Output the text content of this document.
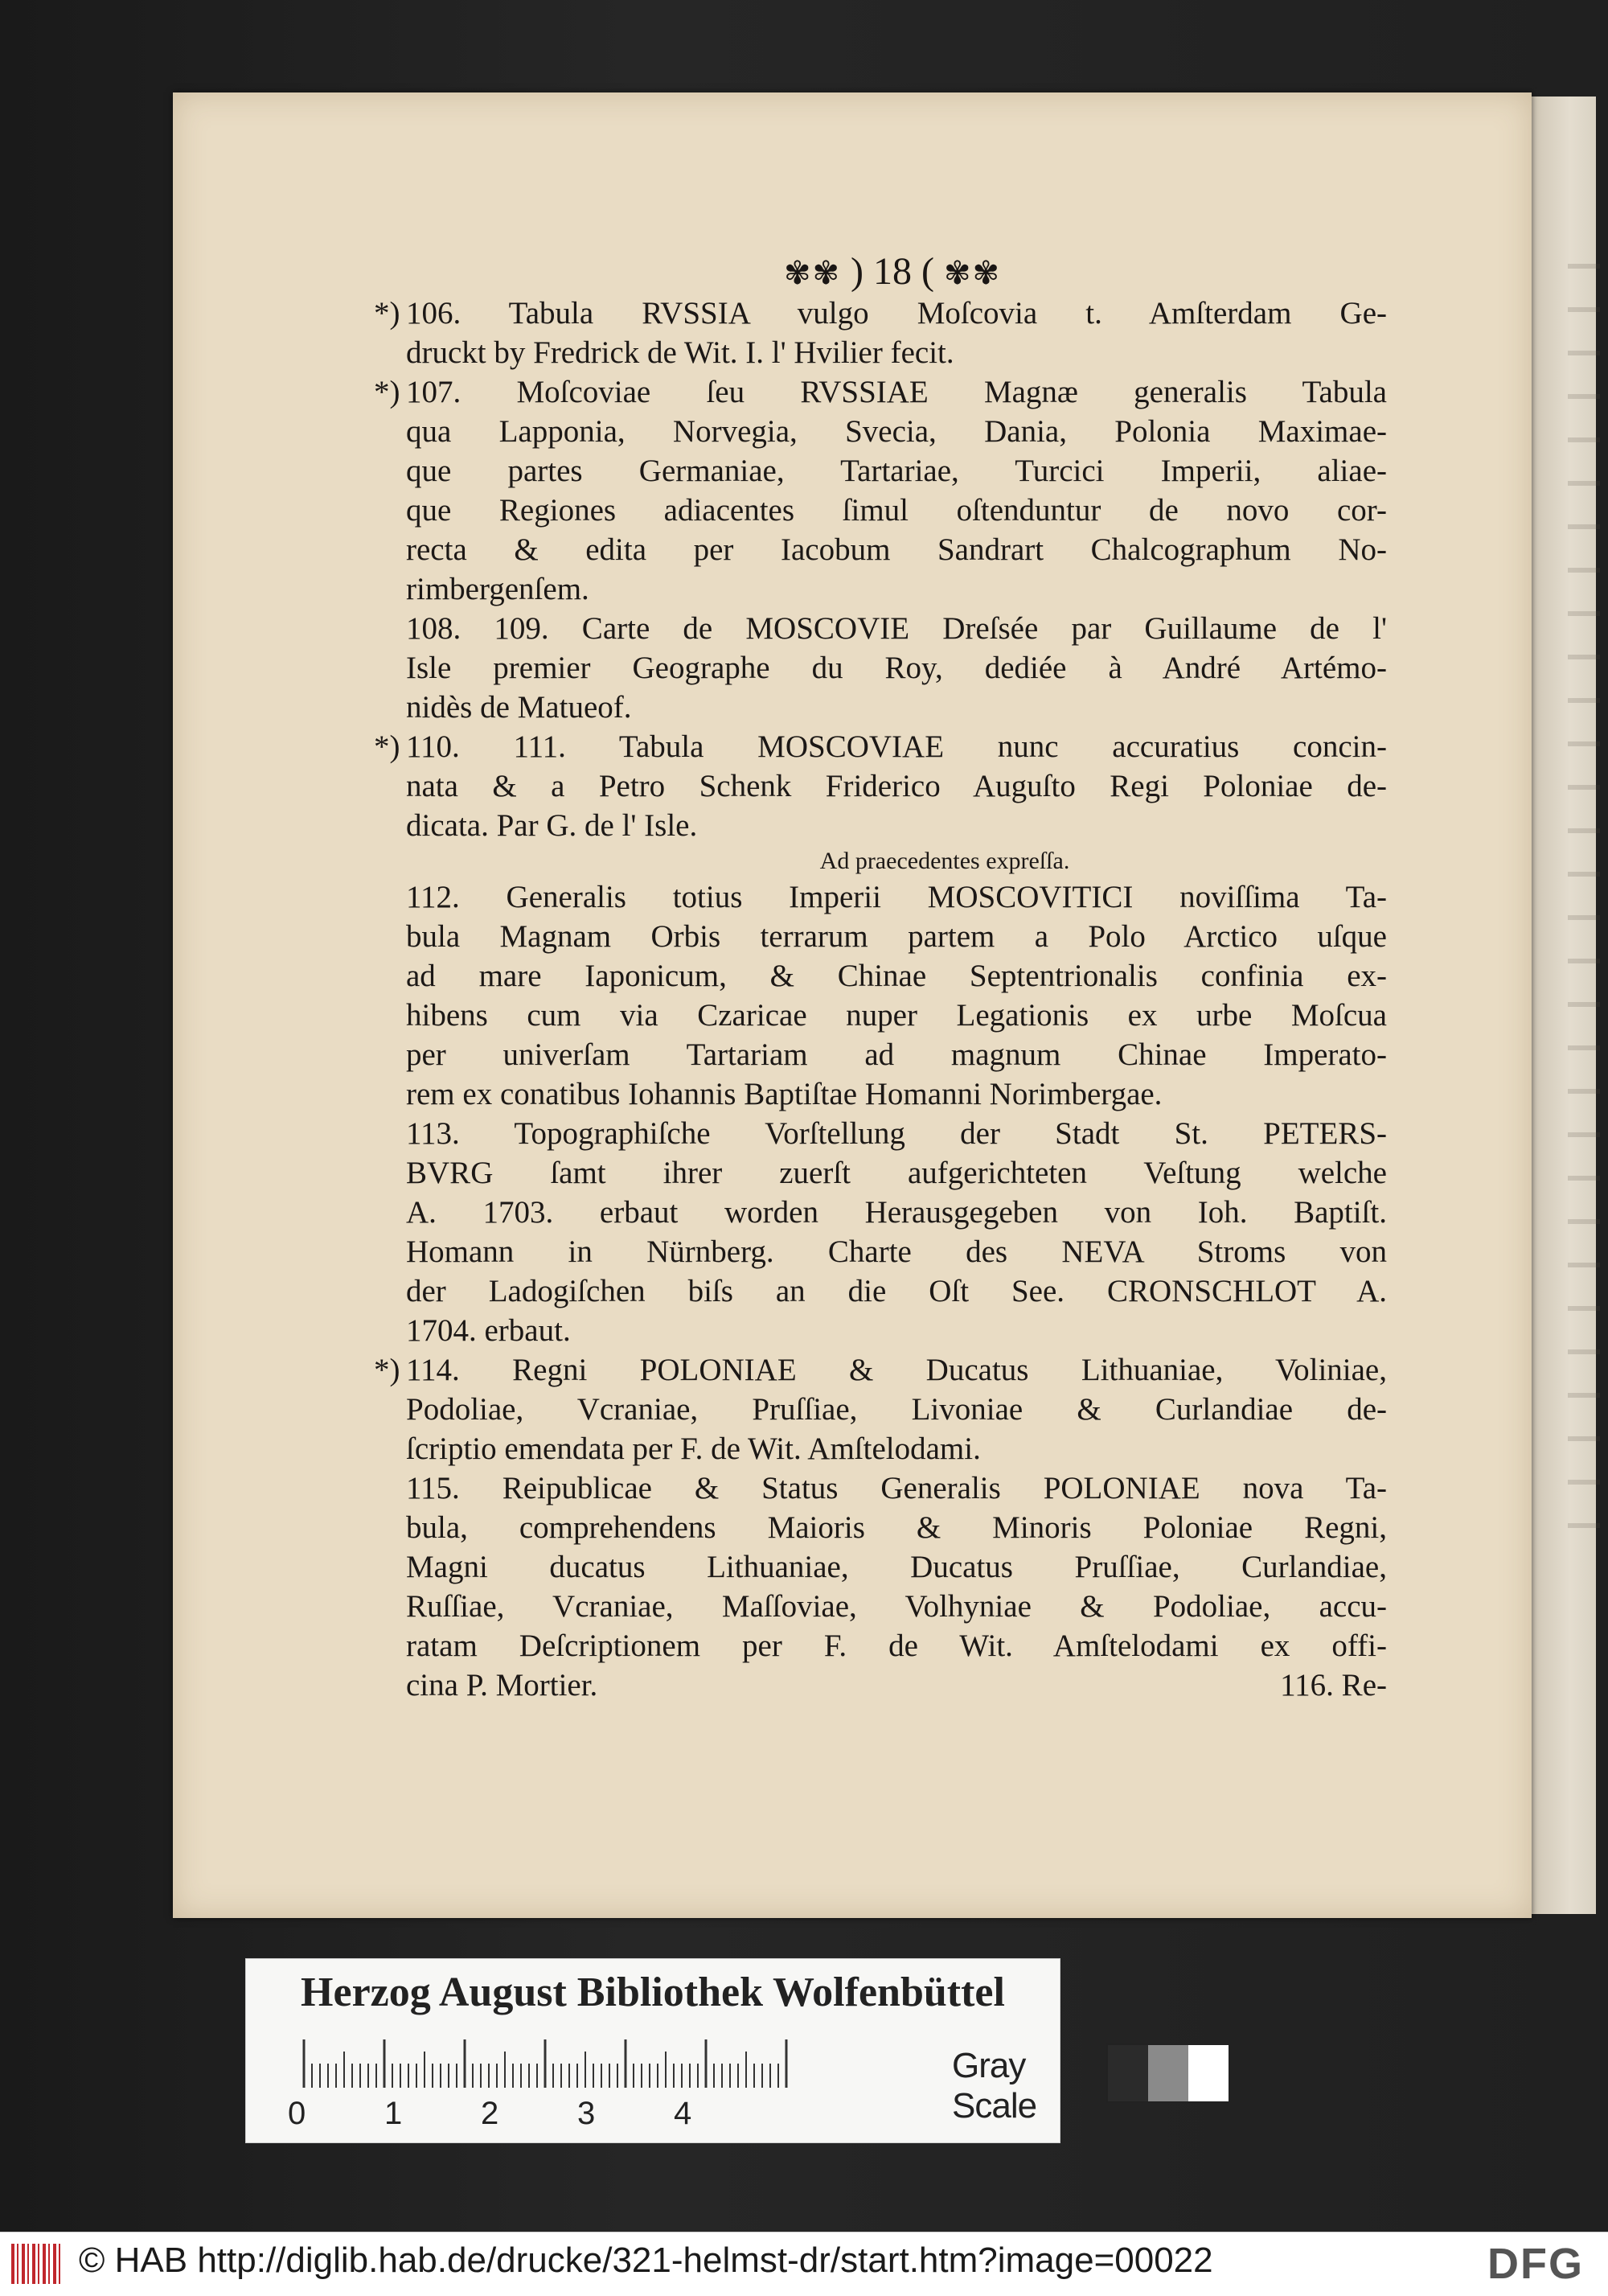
✾✾ ) 18 ( ✾✾
*) 106. Tabula RVSSIA vulgo Moſcovia t. Amſterdam Ge-
druckt by Fredrick de Wit. I. l' Hvilier fecit.
*) 107. Moſcoviae ſeu RVSSIAE Magnæ generalis Tabula
qua Lapponia, Norvegia, Svecia, Dania, Polonia Maximae-
que partes Germaniae, Tartariae, Turcici Imperii, aliae-
que Regiones adiacentes ſimul oſtenduntur de novo cor-
recta & edita per Iacobum Sandrart Chalcographum No-
rimbergenſem.
108. 109. Carte de MOSCOVIE Dreſsée par Guillaume de l'
Isle premier Geographe du Roy, dediée à André Artémo-
nidès de Matueof.
*) 110. 111. Tabula MOSCOVIAE nunc accuratius concin-
nata & a Petro Schenk Friderico Auguſto Regi Poloniae de-
dicata. Par G. de l' Isle.
Ad praecedentes expreſſa.
112. Generalis totius Imperii MOSCOVITICI noviſſima Ta-
bula Magnam Orbis terrarum partem a Polo Arctico uſque
ad mare Iaponicum, & Chinae Septentrionalis confinia ex-
hibens cum via Czaricae nuper Legationis ex urbe Moſcua
per univerſam Tartariam ad magnum Chinae Imperato-
rem ex conatibus Iohannis Baptiſtae Homanni Norimbergae.
113. Topographiſche Vorſtellung der Stadt St. PETERS-
BVRG ſamt ihrer zuerſt aufgerichteten Veſtung welche
A. 1703. erbaut worden Herausgegeben von Ioh. Baptiſt.
Homann in Nürnberg. Charte des NEVA Stroms von
der Ladogiſchen biſs an die Oſt See. CRONSCHLOT A.
1704. erbaut.
*) 114. Regni POLONIAE & Ducatus Lithuaniae, Voliniae,
Podoliae, Vcraniae, Pruſſiae, Livoniae & Curlandiae de-
ſcriptio emendata per F. de Wit. Amſtelodami.
115. Reipublicae & Status Generalis POLONIAE nova Ta-
bula, comprehendens Maioris & Minoris Poloniae Regni,
Magni ducatus Lithuaniae, Ducatus Pruſſiae, Curlandiae,
Ruſſiae, Vcraniae, Maſſoviae, Volhyniae & Podoliae, accu-
ratam Deſcriptionem per F. de Wit. Amſtelodami ex offi-
cina P. Mortier.	116. Re-
Herzog August Bibliothek Wolfenbüttel
0 1 2 3 4
Gray Scale
© HAB http://diglib.hab.de/drucke/321-helmst-dr/start.htm?image=00022	DFG
